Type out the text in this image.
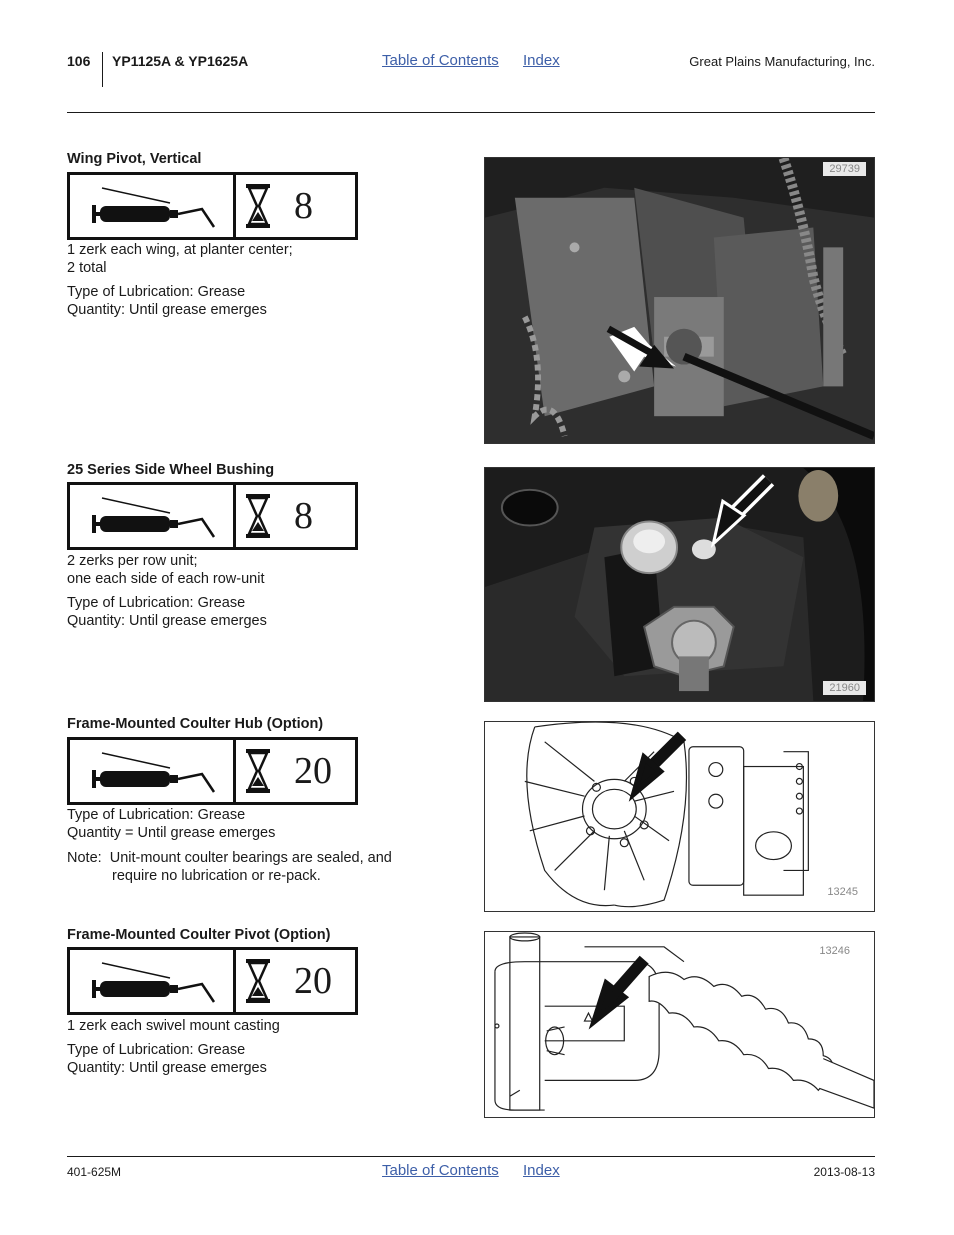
106 YP1125A & YP1625A	Table of Contents Index	Great Plains Manufacturing, Inc.
Wing Pivot, Vertical
8
1 zerk each wing, at planter center;
2 total
Type of Lubrication: Grease
Quantity: Until grease emerges
29739
25 Series Side Wheel Bushing
8
2 zerks per row unit;
one each side of each row-unit
Type of Lubrication: Grease
Quantity: Until grease emerges
21960
Frame-Mounted Coulter Hub (Option)
20
Type of Lubrication: Grease
Quantity = Until grease emerges
Note: Unit-mount coulter bearings are sealed, and
require no lubrication or re-pack.
13245
Frame-Mounted Coulter Pivot (Option)
20
1 zerk each swivel mount casting
Type of Lubrication: Grease
Quantity: Until grease emerges
13246
401-625M	Table of Contents Index	2013-08-13
